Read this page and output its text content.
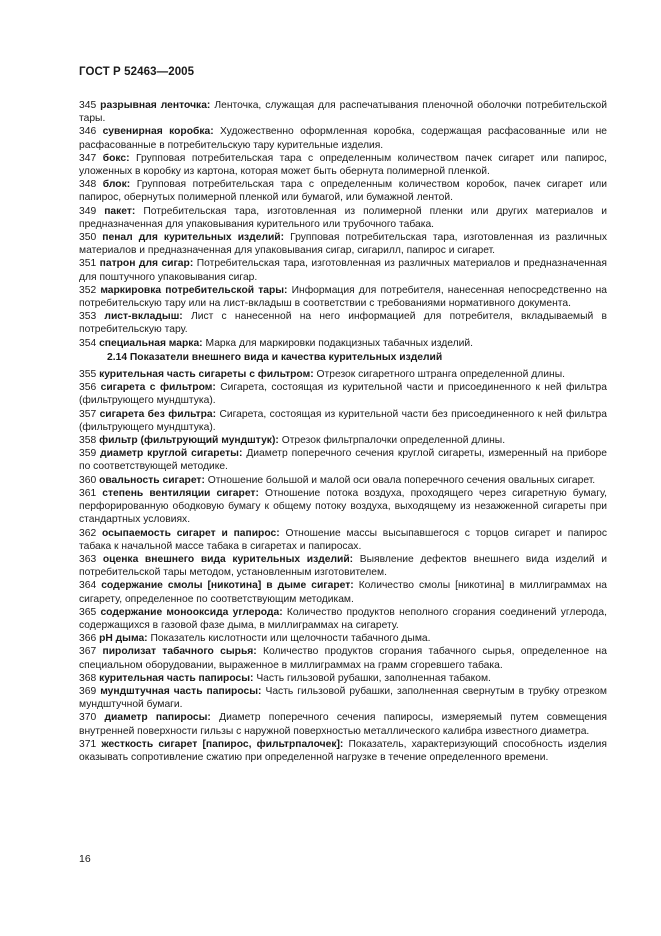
ГОСТ Р 52463—2005

345 разрывная ленточка: Ленточка, служащая для распечатывания пленочной оболочки потребительской тары.

346 сувенирная коробка: Художественно оформленная коробка, содержащая расфасованные или не расфасованные в потребительскую тару курительные изделия.

347 бокс: Групповая потребительская тара с определенным количеством пачек сигарет или папирос, уложенных в коробку из картона, которая может быть обернута полимерной пленкой.

348 блок: Групповая потребительская тара с определенным количеством коробок, пачек сигарет или папирос, обернутых полимерной пленкой или бумагой, или бумажной лентой.

349 пакет: Потребительская тара, изготовленная из полимерной пленки или других материалов и предназначенная для упаковывания курительного или трубочного табака.

350 пенал для курительных изделий: Групповая потребительская тара, изготовленная из различных материалов и предназначенная для упаковывания сигар, сигарилл, папирос и сигарет.

351 патрон для сигар: Потребительская тара, изготовленная из различных материалов и предназначенная для поштучного упаковывания сигар.

352 маркировка потребительской тары: Информация для потребителя, нанесенная непосредственно на потребительскую тару или на лист-вкладыш в соответствии с требованиями нормативного документа.

353 лист-вкладыш: Лист с нанесенной на него информацией для потребителя, вкладываемый в потребительскую тару.

354 специальная марка: Марка для маркировки подакцизных табачных изделий.

2.14 Показатели внешнего вида и качества курительных изделий

355 курительная часть сигареты с фильтром: Отрезок сигаретного штранга определенной длины.

356 сигарета с фильтром: Сигарета, состоящая из курительной части и присоединенного к ней фильтра (фильтрующего мундштука).

357 сигарета без фильтра: Сигарета, состоящая из курительной части без присоединенного к ней фильтра (фильтрующего мундштука).

358 фильтр (фильтрующий мундштук): Отрезок фильтрпалочки определенной длины.

359 диаметр круглой сигареты: Диаметр поперечного сечения круглой сигареты, измеренный на приборе по соответствующей методике.

360 овальность сигарет: Отношение большой и малой оси овала поперечного сечения овальных сигарет.

361 степень вентиляции сигарет: Отношение потока воздуха, проходящего через сигаретную бумагу, перфорированную ободковую бумагу к общему потоку воздуха, выходящему из незажженной сигареты при стандартных условиях.

362 осыпаемость сигарет и папирос: Отношение массы высыпавшегося с торцов сигарет и папирос табака к начальной массе табака в сигаретах и папиросах.

363 оценка внешнего вида курительных изделий: Выявление дефектов внешнего вида изделий и потребительской тары методом, установленным изготовителем.

364 содержание смолы [никотина] в дыме сигарет: Количество смолы [никотина] в миллиграммах на сигарету, определенное по соответствующим методикам.

365 содержание монооксида углерода: Количество продуктов неполного сгорания соединений углерода, содержащихся в газовой фазе дыма, в миллиграммах на сигарету.

366 рН дыма: Показатель кислотности или щелочности табачного дыма.

367 пиролизат табачного сырья: Количество продуктов сгорания табачного сырья, определенное на специальном оборудовании, выраженное в миллиграммах на грамм сгоревшего табака.

368 курительная часть папиросы: Часть гильзовой рубашки, заполненная табаком.

369 мундштучная часть папиросы: Часть гильзовой рубашки, заполненная свернутым в трубку отрезком мундштучной бумаги.

370 диаметр папиросы: Диаметр поперечного сечения папиросы, измеряемый путем совмещения внутренней поверхности гильзы с наружной поверхностью металлического калибра известного диаметра.

371 жесткость сигарет [папирос, фильтрпалочек]: Показатель, характеризующий способность изделия оказывать сопротивление сжатию при определенной нагрузке в течение определенного времени.

16
